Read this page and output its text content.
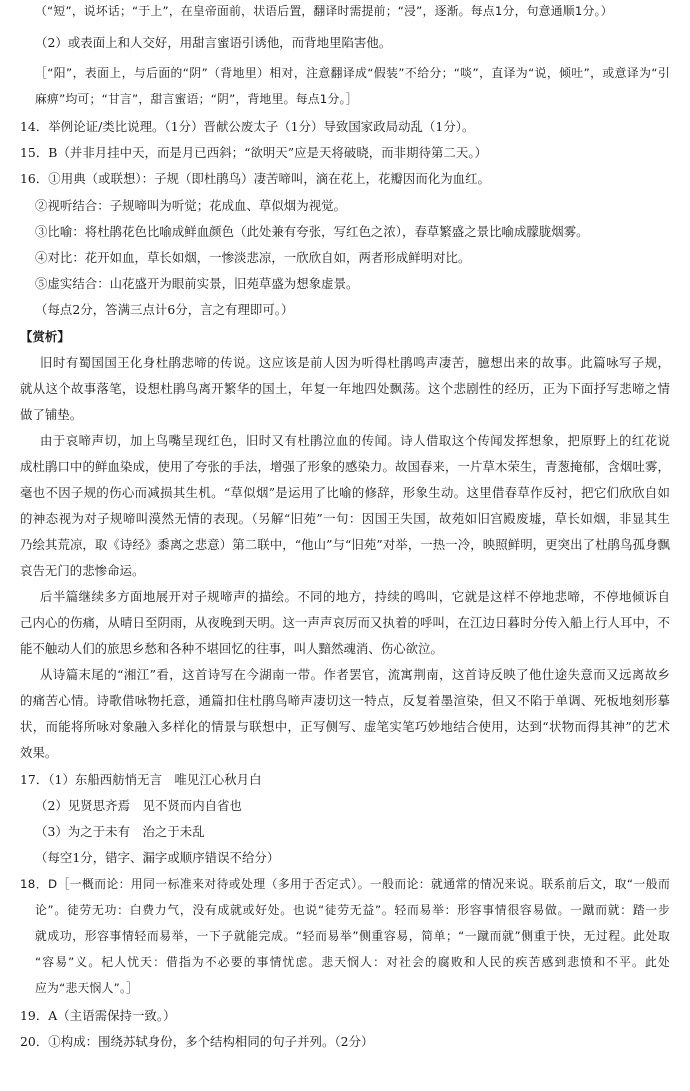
（“短”，说坏话；“于上”，在皇帝面前，状语后置，翻译时需提前；“浸”，逐渐。每点1分，句意通顺1分。）
（2）或表面上和人交好，用甜言蜜语引诱他，而背地里陷害他。
［“阳”，表面上，与后面的“阴”（背地里）相对，注意翻译成“假装”不给分；“啖”，直译为“说，倾吐”，或意译为“引
麻痹”均可；“甘言”，甜言蜜语；“阴”，背地里。每点1分。］
14．举例论证/类比说理。（1分）晋献公废太子（1分）导致国家政局动乱（1分）。
15．B（并非月挂中天，而是月已西斜；“欲明天”应是天将破晓，而非期待第二天。）
16．①用典（或联想）：子规（即杜鹃鸟）凄苦啼叫，滴在花上，花瓣因而化为血红。
②视听结合：子规啼叫为听觉；花成血、草似烟为视觉。
③比喻：将杜鹃花色比喻成鲜血颜色（此处兼有夸张，写红色之浓），春草繁盛之景比喻成朦胧烟雾。
④对比：花开如血，草长如烟，一惨淡悲凉，一欣欣自如，两者形成鲜明对比。
⑤虚实结合：山花盛开为眼前实景，旧苑草盛为想象虚景。
（每点2分，答满三点计6分，言之有理即可。）
【赏析】
旧时有蜀国国王化身杜鹃悲啼的传说。这应该是前人因为听得杜鹃鸣声凄苦，臆想出来的故事。此篇咏写子规，
就从这个故事落笔，设想杜鹃鸟离开繁华的国土，年复一年地四处飘荡。这个悲剧性的经历，正为下面抒写悲啼之情
做了铺垫。
由于哀啼声切，加上鸟嘴呈现红色，旧时又有杜鹃泣血的传闻。诗人借取这个传闻发挥想象，把原野上的红花说
成杜鹃口中的鲜血染成，使用了夸张的手法，增强了形象的感染力。故国春来，一片草木荣生，青葱掩郁，含烟吐雾，
毫也不因子规的伤心而减损其生机。“草似烟”是运用了比喻的修辞，形象生动。这里借春草作反衬，把它们欣欣自如
的神态视为对子规啼叫漠然无情的表现。（另解“旧苑”一句：因国王失国，故苑如旧宫殿废墟，草长如烟，非显其生
乃绘其荒凉，取《诗经》黍离之悲意）第二联中，“他山”与“旧苑”对举，一热一冷，映照鲜明，更突出了杜鹃鸟孤身飘
哀告无门的悲惨命运。
后半篇继续多方面地展开对子规啼声的描绘。不同的地方，持续的鸣叫，它就是这样不停地悲啼，不停地倾诉自
己内心的伤痛，从晴日至阴雨，从夜晚到天明。这一声声哀厉而又执着的呼叫，在江边日暮时分传入船上行人耳中，不
能不触动人们的旅思乡愁和各种不堪回忆的往事，叫人黯然魂消、伤心欲泣。
从诗篇末尾的“湘江”看，这首诗写在今湖南一带。作者罢官，流寓荆南，这首诗反映了他仕途失意而又远离故乡
的痛苦心情。诗歌借咏物托意，通篇扣住杜鹃鸟啼声凄切这一特点，反复着墨渲染，但又不陷于单调、死板地刻形摹
状，而能将所咏对象融入多样化的情景与联想中，正写侧写、虚笔实笔巧妙地结合使用，达到“状物而得其神”的艺术
效果。
17．（1）东船西舫悄无言　唯见江心秋月白
（2）见贤思齐焉　见不贤而内自省也
（3）为之于未有　治之于未乱
（每空1分，错字、漏字或顺序错误不给分）
18．D［一概而论：用同一标准来对待或处理（多用于否定式）。一般而论：就通常的情况来说。联系前后文，取“一般而
论”。徒劳无功：白费力气，没有成就或好处。也说“徒劳无益”。轻而易举：形容事情很容易做。一蹴而就：踏一步
就成功，形容事情轻而易举，一下子就能完成。“轻而易举”侧重容易，简单；“一蹴而就”侧重于快，无过程。此处取
“容易”义。杞人忧天：借指为不必要的事情忧虑。悲天悯人：对社会的腐败和人民的疾苦感到悲愤和不平。此处
应为“悲天悯人”。］
19．A（主语需保持一致。）
20．①构成：围绕苏轼身份，多个结构相同的句子并列。（2分）
